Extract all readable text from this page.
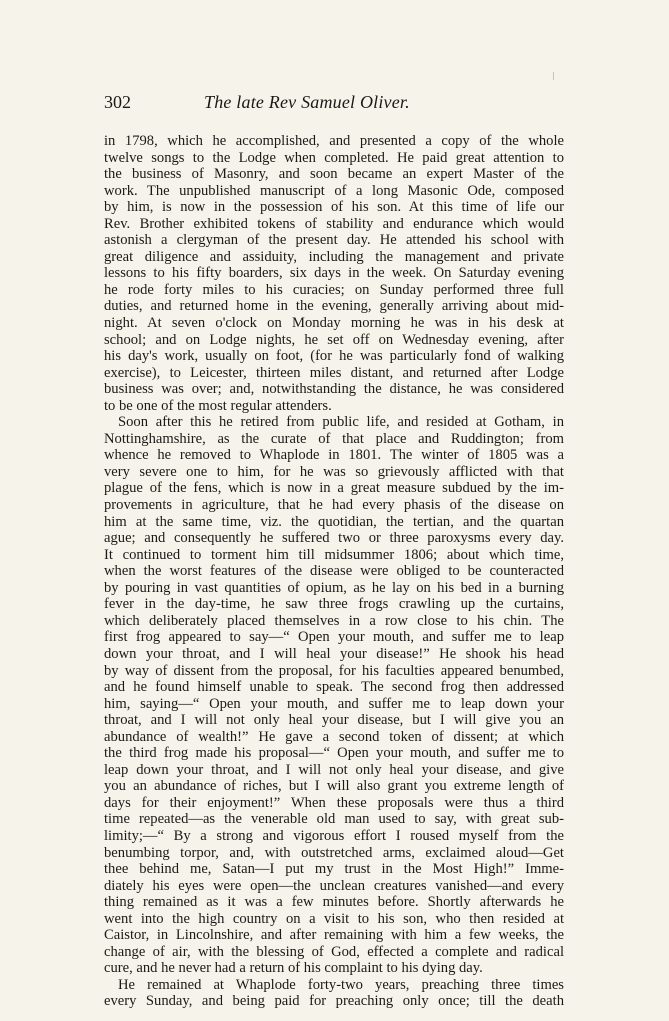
302	The late Rev Samuel Oliver.
in 1798, which he accomplished, and presented a copy of the whole
twelve songs to the Lodge when completed. He paid great attention to
the business of Masonry, and soon became an expert Master of the
work. The unpublished manuscript of a long Masonic Ode, composed
by him, is now in the possession of his son. At this time of life our
Rev. Brother exhibited tokens of stability and endurance which would
astonish a clergyman of the present day. He attended his school with
great diligence and assiduity, including the management and private
lessons to his fifty boarders, six days in the week. On Saturday evening
he rode forty miles to his curacies; on Sunday performed three full
duties, and returned home in the evening, generally arriving about mid-
night. At seven o'clock on Monday morning he was in his desk at
school; and on Lodge nights, he set off on Wednesday evening, after
his day's work, usually on foot, (for he was particularly fond of walking
exercise), to Leicester, thirteen miles distant, and returned after Lodge
business was over; and, notwithstanding the distance, he was considered
to be one of the most regular attenders.
Soon after this he retired from public life, and resided at Gotham, in
Nottinghamshire, as the curate of that place and Ruddington; from
whence he removed to Whaplode in 1801. The winter of 1805 was a
very severe one to him, for he was so grievously afflicted with that
plague of the fens, which is now in a great measure subdued by the im-
provements in agriculture, that he had every phasis of the disease on
him at the same time, viz. the quotidian, the tertian, and the quartan
ague; and consequently he suffered two or three paroxysms every day.
It continued to torment him till midsummer 1806; about which time,
when the worst features of the disease were obliged to be counteracted
by pouring in vast quantities of opium, as he lay on his bed in a burning
fever in the day-time, he saw three frogs crawling up the curtains,
which deliberately placed themselves in a row close to his chin. The
first frog appeared to say—“ Open your mouth, and suffer me to leap
down your throat, and I will heal your disease!” He shook his head
by way of dissent from the proposal, for his faculties appeared benumbed,
and he found himself unable to speak. The second frog then addressed
him, saying—“ Open your mouth, and suffer me to leap down your
throat, and I will not only heal your disease, but I will give you an
abundance of wealth!” He gave a second token of dissent; at which
the third frog made his proposal—“ Open your mouth, and suffer me to
leap down your throat, and I will not only heal your disease, and give
you an abundance of riches, but I will also grant you extreme length of
days for their enjoyment!” When these proposals were thus a third
time repeated—as the venerable old man used to say, with great sub-
limity;—“ By a strong and vigorous effort I roused myself from the
benumbing torpor, and, with outstretched arms, exclaimed aloud—Get
thee behind me, Satan—I put my trust in the Most High!” Imme-
diately his eyes were open—the unclean creatures vanished—and every
thing remained as it was a few minutes before. Shortly afterwards he
went into the high country on a visit to his son, who then resided at
Caistor, in Lincolnshire, and after remaining with him a few weeks, the
change of air, with the blessing of God, effected a complete and radical
cure, and he never had a return of his complaint to his dying day.
He remained at Whaplode forty-two years, preaching three times
every Sunday, and being paid for preaching only once; till the death
